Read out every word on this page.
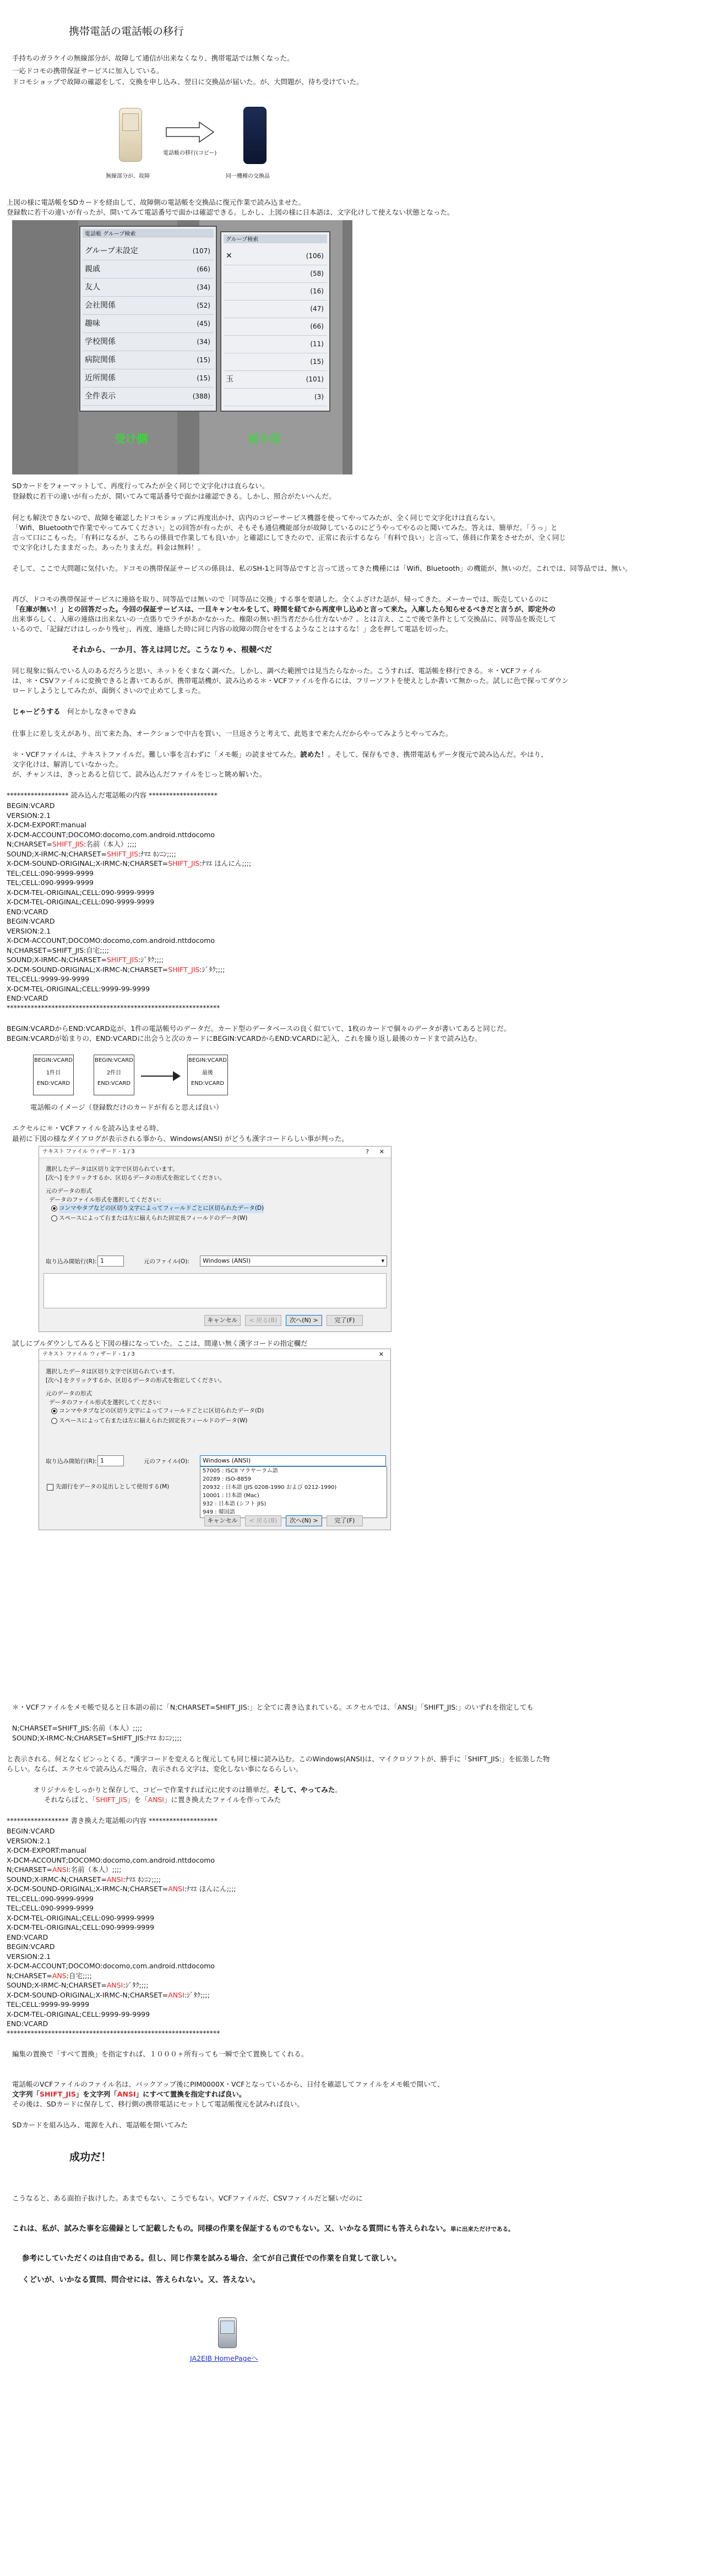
携帯電話の電話帳の移行
手持ちのガラケイの無線部分が、故障して通信が出来なくなり、携帯電話では無くなった。
一応ドコモの携帯保証サービスに加入している。
ドコモショップで故障の確認をして、交換を申し込み、翌日に交換品が届いた。が、大問題が、待ち受けていた。
無線部分が、故障
電話帳の移行(コピー)
同一機種の交換品
上図の様に電話帳をSDカードを経由して、故障側の電話帳を交換品に復元作業で読み込ませた。
登録数に若干の違いが有ったが、開いてみて電話番号で面かは確認できる。しかし、上図の様に日本語は、文字化けして使えない状態となった。
電話帳 グループ検索
グループ未設定	(107)
親戚	(66)
友人	(34)
会社関係	(52)
趣味	(45)
学校関係	(34)
病院関係	(15)
近所関係	(15)
全件表示	(388)
グループ検索
✕	(106)
(58)
(16)
(47)
(66)
(11)
(15)
玉	(101)
(3)
受け側	送り側
SDカードをフォーマットして、再度行ってみたが全く同じで文字化けは直らない。
登録数に若干の違いが有ったが、開いてみて電話番号で面かは確認できる。しかし、照合がたいへんだ。
何とも解決できないので、故障を確認したドコモショップに再度出かけ、店内のコピーサービス機器を使ってやってみたが、全く同じで文字化けは直らない。
「Wifi、Bluetoothで作業でやってみてください」との回答が有ったが、そもそも通信機能部分が故障しているのにどうやってやるのと聞いてみた。答えは、簡単だ。「うっ」と
言って口にこもった。「有料になるが、こちらの係員で作業しても良いか」と確認にしてきたので、正常に表示するなら「有料で良い」と言って、係員に作業をさせたが、全く同じ
で文字化けしたままだった。あったりまえだ。料金は無料！。
そして、ここで大問題に気付いた。ドコモの携帯保証サービスの係員は、私のSH-1と同等品ですと言って送ってきた機種には「Wifi、Bluetooth」の機能が、無いのだ。これでは、同等品では、無い。
再び、ドコモの携帯保証サービスに連絡を取り、同等品では無いので「同等品に交換」する事を要請した。全くふざけた話が、帰ってきた。メーカーでは、販売しているのに
「在庫が無い！」との回答だった。今回の保証サービスは、一旦キャンセルをして、時間を経てから再度申し込めと言って来た。入庫したら知らせるべきだと言うが、即定外の
出来事らしく、入庫の連絡は出来ないの一点張りでラチがあかなかった。権限の無い担当者だから仕方ないか？。とは言え、ここで後で条件として交換品に、同等品を販売して
いるので、「記録だけはしっかり残せ」、再度、連絡した時に同じ内容の故障の問合せをするようなことはするな！」念を押して電話を切った。
それから、一か月、答えは同じだ。こうなりゃ、根競べだ
同じ現象に悩んでいる人のあるだろうと思い、ネットをくまなく調べた。しかし、調べた範囲では見当たらなかった。こうすれば、電話帳を移行できる。＊・VCFファイル
は、＊・CSVファイルに変換できると書いてあるが、携帯電話機が、読み込める＊・VCFファイルを作るには、フリーソフトを使えとしか書いて無かった。試しに色で探ってダウン
ロードしようとしてみたが、面倒くさいので止めてしまった。
じゃーどうする　 何とかしなきゃできぬ
仕事上に差し支えがあり、出て来た為、オークションで中古を買い、一旦返さうと考えて、此処まで来たんだからやってみようとやってみた。
＊・VCFファイルは、テキストファイルだ。難しい事を言わずに「メモ帳」の読ませてみた。読めた！。そして、保存もでき、携帯電話もデータ復元で読み込んだ。やはり、
文字化けは、解消していなかった。
が、チャンスは、きっとあると信じて、読み込んだファイルをじっと眺め解いた。
****************** 読み込んだ電話帳の内容 ********************
BEGIN:VCARD
VERSION:2.1
X-DCM-EXPORT:manual
X-DCM-ACCOUNT;DOCOMO:docomo,com.android.nttdocomo
N;CHARSET=SHIFT_JIS:名前（本人）;;;;
SOUND;X-IRMC-N;CHARSET=SHIFT_JIS:ﾅﾏｴ ﾎﾝﾆﾝ;;;;
X-DCM-SOUND-ORIGINAL;X-IRMC-N;CHARSET=SHIFT_JIS:ﾅﾏｴ ほんにん;;;;
TEL;CELL:090-9999-9999
TEL;CELL:090-9999-9999
X-DCM-TEL-ORIGINAL;CELL:090-9999-9999
X-DCM-TEL-ORIGINAL;CELL:090-9999-9999
END:VCARD
BEGIN:VCARD
VERSION:2.1
X-DCM-ACCOUNT;DOCOMO:docomo,com.android.nttdocomo
N;CHARSET=SHIFT_JIS:自宅;;;;
SOUND;X-IRMC-N;CHARSET=SHIFT_JIS:ｼﾞﾀｸ;;;;
X-DCM-SOUND-ORIGINAL;X-IRMC-N;CHARSET=SHIFT_JIS:ｼﾞﾀｸ;;;;
TEL;CELL:9999-99-9999
X-DCM-TEL-ORIGINAL;CELL:9999-99-9999
END:VCARD
**************************************************************
BEGIN:VCARDからEND:VCARD迄が、1件の電話帳号のデータだ。カード型のデータベースの良く似ていて、1枚のカードで個々のデータが書いてあると同じだ。
BEGIN:VCARDが始まりの、END:VCARDに出会うと次のカードにBEGIN:VCARDからEND:VCARDに記入、これを繰り返し最後のカードまで読み込む。
BEGIN:VCARD
1件目
END:VCARD
BEGIN:VCARD
2件目
END:VCARD
BEGIN:VCARD
最後
END:VCARD
電話帳のイメージ（登録数だけのカードが有ると思えば良い）
エクセルに＊・VCFファイルを読み込ませる時、
最初に下図の様なダイアログが表示される事から、Windows(ANSI) がどうも漢字コードらしい事が判った。
テキスト ファイル ウィザード - 1 / 3	? ✕
選択したデータは区切り文字で区切られています。
[次へ] をクリックするか、区切るデータの形式を指定してください。
元のデータの形式
データのファイル形式を選択してください：
コンマやタブなどの区切り文字によってフィールドごとに区切られたデータ(D)
スペースによって右または左に揃えられた固定長フィールドのデータ(W)
取り込み開始行(R): 1	元のファイル(O):	Windows (ANSI)	▾
キャンセル	< 戻る(B)	次へ(N) >	完了(F)
試しにプルダウンしてみると下図の様になっていた。ここは、間違い無く漢字コードの指定欄だ
テキスト ファイル ウィザード - 1 / 3	✕
選択したデータは区切り文字で区切られています。
[次へ] をクリックするか、区切るデータの形式を指定してください。
元のデータの形式
データのファイル形式を選択してください：
コンマやタブなどの区切り文字によってフィールドごとに区切られたデータ(D)
スペースによって右または左に揃えられた固定長フィールドのデータ(W)
取り込み開始行(R): 1	元のファイル(O):	Windows (ANSI)
57005 : ISCII マラヤーラム語
20289 : ISO-8859
20932 : 日本語 (JIS 0208-1990 および 0212-1990)
10001 : 日本語 (Mac)
932 : 日本語 (シフト JIS)
949 : 韓国語
先頭行をデータの見出しとして使用する(M)
キャンセル	< 戻る(B)	次へ(N) >	完了(F)
＊・VCFファイルをメモ帳で見ると日本語の前に「N;CHARSET=SHIFT_JIS:」と全てに書き込まれている。エクセルでは、「ANSI」「SHIFT_JIS:」のいずれを指定しても
N;CHARSET=SHIFT_JIS:名前（本人）;;;;
SOUND;X-IRMC-N;CHARSET=SHIFT_JIS:ﾅﾏｴ ﾎﾝﾆﾝ;;;;
と表示される。何となくピンっとくる。"漢字コードを変えると復元しても同じ様に読み込む。このWindows(ANSI)は、マイクロソフトが、勝手に「SHIFT_JIS:」を拡張した物
らしい。ならば、エクセルで読み込んだ場合、表示される文字は、変化しない事になるらしい。
オリジナルをしっかりと保存して、コピーで作業すれば元に戻すのは簡単だ。そして、やってみた。
それならばと、「SHIFT_JIS」を「ANSI」に置き換えたファイルを作ってみた
****************** 書き換えた電話帳の内容 ********************
BEGIN:VCARD
VERSION:2.1
X-DCM-EXPORT:manual
X-DCM-ACCOUNT;DOCOMO:docomo,com.android.nttdocomo
N;CHARSET=ANSI:名前（本人）;;;;
SOUND;X-IRMC-N;CHARSET=ANSI:ﾅﾏｴ ﾎﾝﾆﾝ;;;;
X-DCM-SOUND-ORIGINAL;X-IRMC-N;CHARSET=ANSI:ﾅﾏｴ ほんにん;;;;
TEL;CELL:090-9999-9999
TEL;CELL:090-9999-9999
X-DCM-TEL-ORIGINAL;CELL:090-9999-9999
X-DCM-TEL-ORIGINAL;CELL:090-9999-9999
END:VCARD
BEGIN:VCARD
VERSION:2.1
X-DCM-ACCOUNT;DOCOMO:docomo,com.android.nttdocomo
N;CHARSET=ANS:自宅;;;;
SOUND;X-IRMC-N;CHARSET=ANSI:ｼﾞﾀｸ;;;;
X-DCM-SOUND-ORIGINAL;X-IRMC-N;CHARSET=ANSI:ｼﾞﾀｸ;;;;
TEL;CELL:9999-99-9999
X-DCM-TEL-ORIGINAL;CELL:9999-99-9999
END:VCARD
**************************************************************
編集の置換で「すべて置換」を指定すれば、１０００ヶ所有っても一瞬で全て置換してくれる。
電話帳のVCFファイルのファイル名は、バックアップ後にPIM0000X・VCFとなっているから、日付を確認してファイルをメモ帳で開いて、
文字列「SHIFT_JIS」を文字列「ANSI」にすべて置換を指定すれば良い。
その後は、SDカードに保存して、移行側の携帯電話にセットして電話帳復元を試みれば良い。
SDカードを組み込み、電源を入れ、電話帳を開いてみた
成功だ！
こうなると、ある面拍子抜けした。あまでもない、こうでもない。VCFファイルだ、CSVファイルだと騒いだのに
これは、私が、試みた事を忘備録として記載したもの。同様の作業を保証するものでもない。又、いかなる質問にも答えられない。単に出来ただけである。
参考にしていただくのは自由である。但し、同じ作業を試みる場合、全てが自己責任での作業を自覚して欲しい。
くどいが、いかなる質問、問合せには、答えられない。又、答えない。
JA2EIB HomePageへ
